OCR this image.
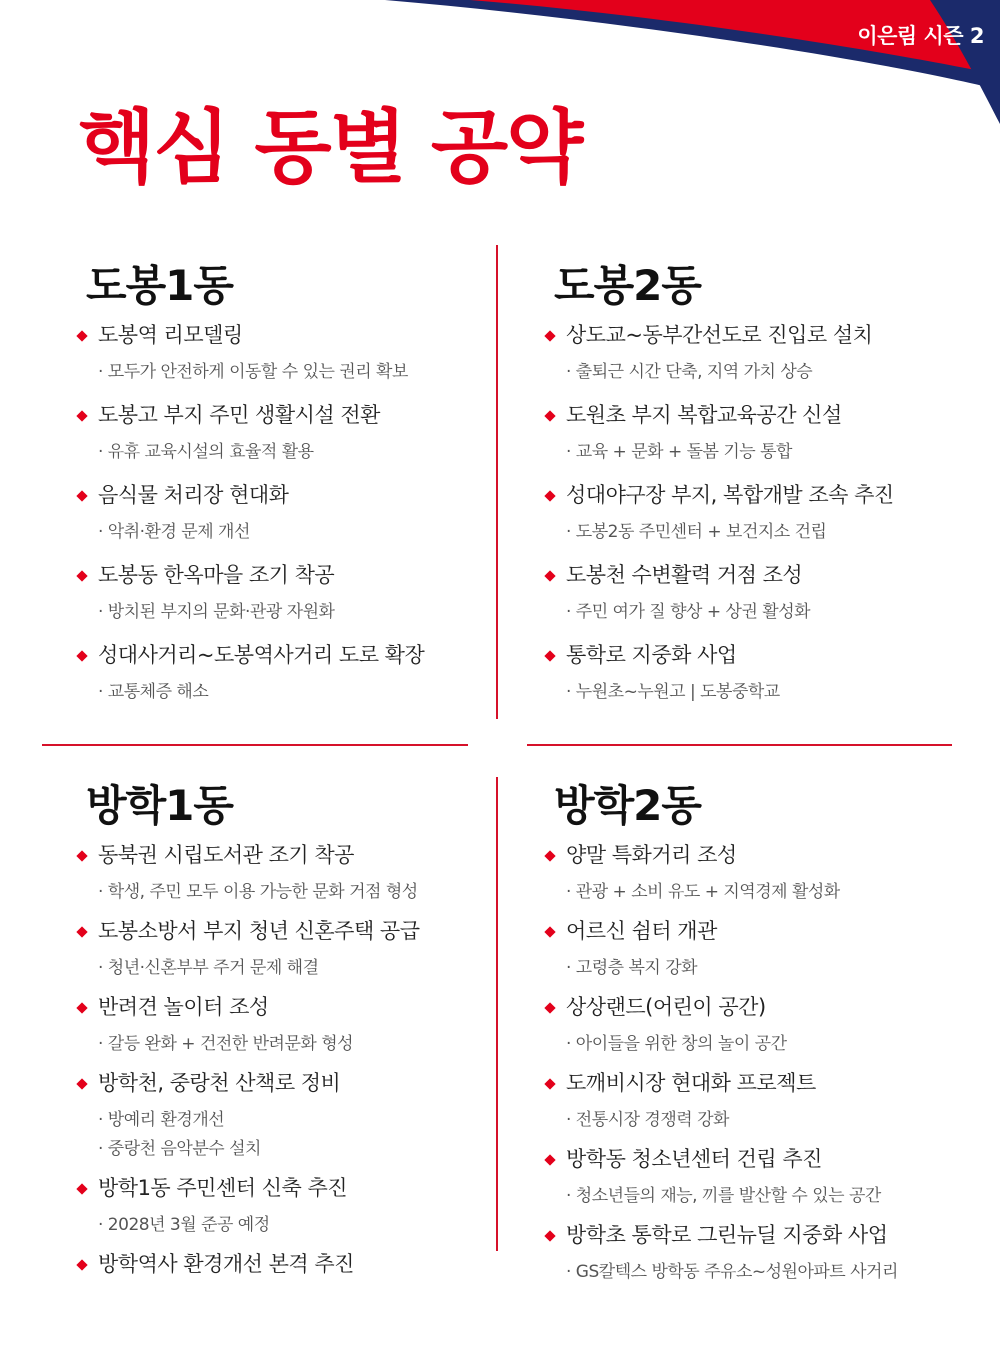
이은림 시즌 2
핵심 동별 공약
도봉1동
도봉역 리모델링
· 모두가 안전하게 이동할 수 있는 권리 확보
도봉고 부지 주민 생활시설 전환
· 유휴 교육시설의 효율적 활용
음식물 처리장 현대화
· 악취·환경 문제 개선
도봉동 한옥마을 조기 착공
· 방치된 부지의 문화·관광 자원화
성대사거리~도봉역사거리 도로 확장
· 교통체증 해소
도봉2동
상도교~동부간선도로 진입로 설치
· 출퇴근 시간 단축, 지역 가치 상승
도원초 부지 복합교육공간 신설
· 교육 + 문화 + 돌봄 기능 통합
성대야구장 부지, 복합개발 조속 추진
· 도봉2동 주민센터 + 보건지소 건립
도봉천 수변활력 거점 조성
· 주민 여가 질 향상 + 상권 활성화
통학로 지중화 사업
· 누원초~누원고 | 도봉중학교
방학1동
동북권 시립도서관 조기 착공
· 학생, 주민 모두 이용 가능한 문화 거점 형성
도봉소방서 부지 청년 신혼주택 공급
· 청년·신혼부부 주거 문제 해결
반려견 놀이터 조성
· 갈등 완화 + 건전한 반려문화 형성
방학천, 중랑천 산책로 정비
· 방예리 환경개선
· 중랑천 음악분수 설치
방학1동 주민센터 신축 추진
· 2028년 3월 준공 예정
방학역사 환경개선 본격 추진
방학2동
양말 특화거리 조성
· 관광 + 소비 유도 + 지역경제 활성화
어르신 쉼터 개관
· 고령층 복지 강화
상상랜드(어린이 공간)
· 아이들을 위한 창의 놀이 공간
도깨비시장 현대화 프로젝트
· 전통시장 경쟁력 강화
방학동 청소년센터 건립 추진
· 청소년들의 재능, 끼를 발산할 수 있는 공간
방학초 통학로 그린뉴딜 지중화 사업
· GS칼텍스 방학동 주유소~성원아파트 사거리
